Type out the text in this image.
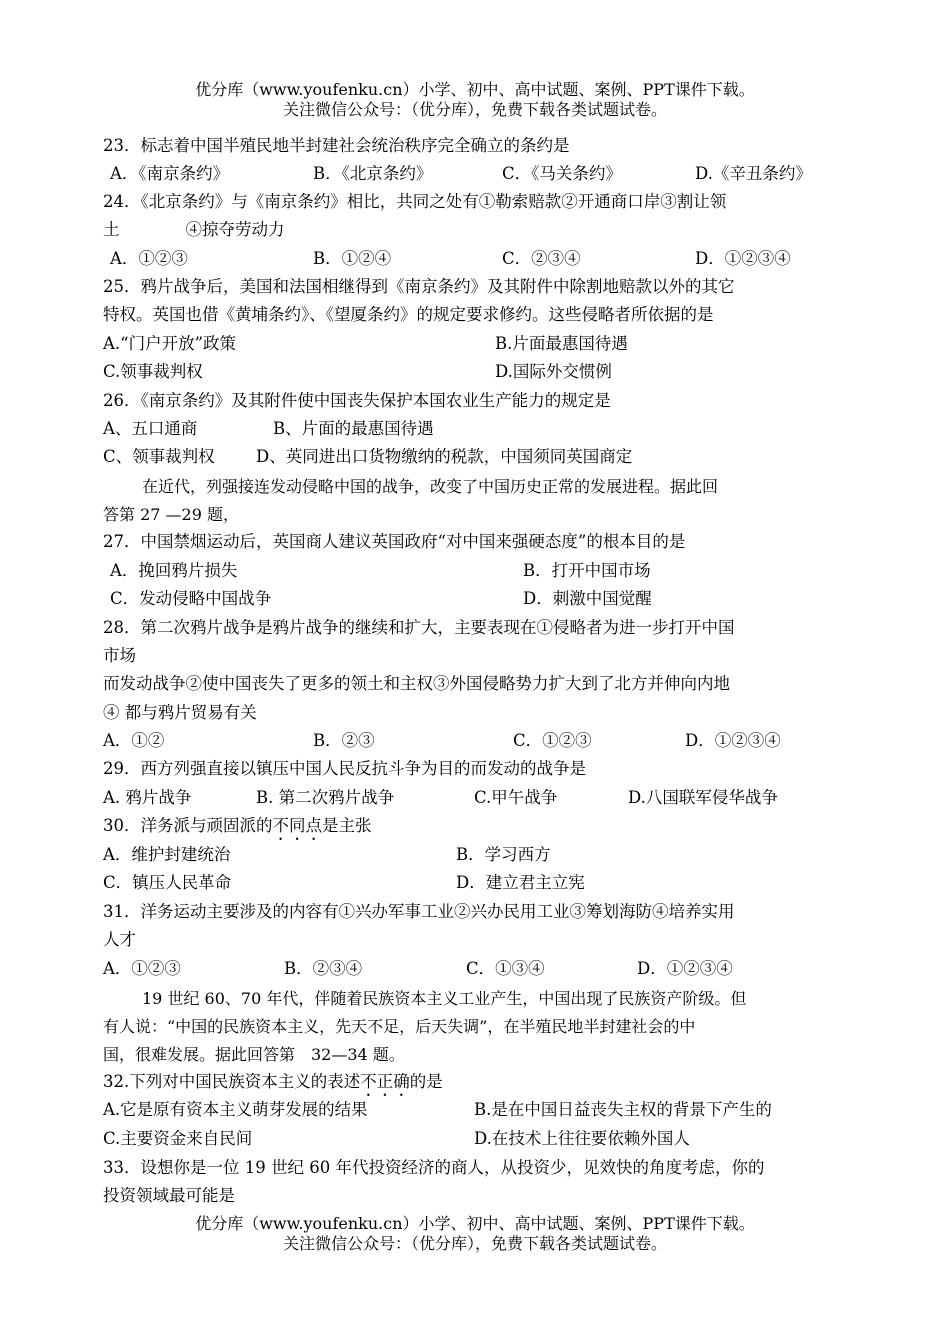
优分库（www.youfenku.cn）小学、初中、高中试题、案例、PPT课件下载。
关注微信公众号：（优分库），免费下载各类试题试卷。
23．标志着中国半殖民地半封建社会统治秩序完全确立的条约是
A．《南京条约》	B．《北京条约》	C．《马关条约》	D.《辛丑条约》
24．《北京条约》与《南京条约》相比，共同之处有①勒索赔款②开通商口岸③割让领
土　　　　④掠夺劳动力
A．①②③	B．①②④	C．②③④	D．①②③④
25．鸦片战争后，美国和法国相继得到《南京条约》及其附件中除割地赔款以外的其它
特权。英国也借《黄埔条约》、《望厦条约》的规定要求修约。这些侵略者所依据的是
A.“门户开放”政策	B.片面最惠国待遇
C.领事裁判权	D.国际外交惯例
26．《南京条约》及其附件使中国丧失保护本国农业生产能力的规定是
A、五口通商	B、片面的最惠国待遇
C、领事裁判权	D、英同进出口货物缴纳的税款，中国须同英国商定
在近代，列强接连发动侵略中国的战争，改变了中国历史正常的发展进程。据此回
答第 27 —29 题，
27．中国禁烟运动后，英国商人建议英国政府“对中国来强硬态度”的根本目的是
A．挽回鸦片损失	B．打开中国市场
C．发动侵略中国战争	D．刺激中国觉醒
28．第二次鸦片战争是鸦片战争的继续和扩大，主要表现在①侵略者为进一步打开中国
市场
而发动战争②使中国丧失了更多的领土和主权③外国侵略势力扩大到了北方并伸向内地
④ 都与鸦片贸易有关
A．①②	B．②③	C．①②③	D．①②③④
29．西方列强直接以镇压中国人民反抗斗争为目的而发动的战争是
A. 鸦片战争	B. 第二次鸦片战争	C.甲午战争	D.八国联军侵华战争
30．洋务派与顽固派的不同点是主张
A．维护封建统治	B．学习西方
C．镇压人民革命	D．建立君主立宪
31．洋务运动主要涉及的内容有①兴办军事工业②兴办民用工业③筹划海防④培养实用
人才
A．①②③	B．②③④	C．①③④	D．①②③④
19 世纪 60、70 年代，伴随着民族资本主义工业产生，中国出现了民族资产阶级。但
有人说：“中国的民族资本主义，先天不足，后天失调”，在半殖民地半封建社会的中
国，很难发展。据此回答第　32—34 题。
32.下列对中国民族资本主义的表述不正确的是
A.它是原有资本主义萌芽发展的结果	B.是在中国日益丧失主权的背景下产生的
C.主要资金来自民间	D.在技术上往往要依赖外国人
33．设想你是一位 19 世纪 60 年代投资经济的商人，从投资少，见效快的角度考虑，你的
投资领域最可能是
优分库（www.youfenku.cn）小学、初中、高中试题、案例、PPT课件下载。
关注微信公众号：（优分库），免费下载各类试题试卷。
